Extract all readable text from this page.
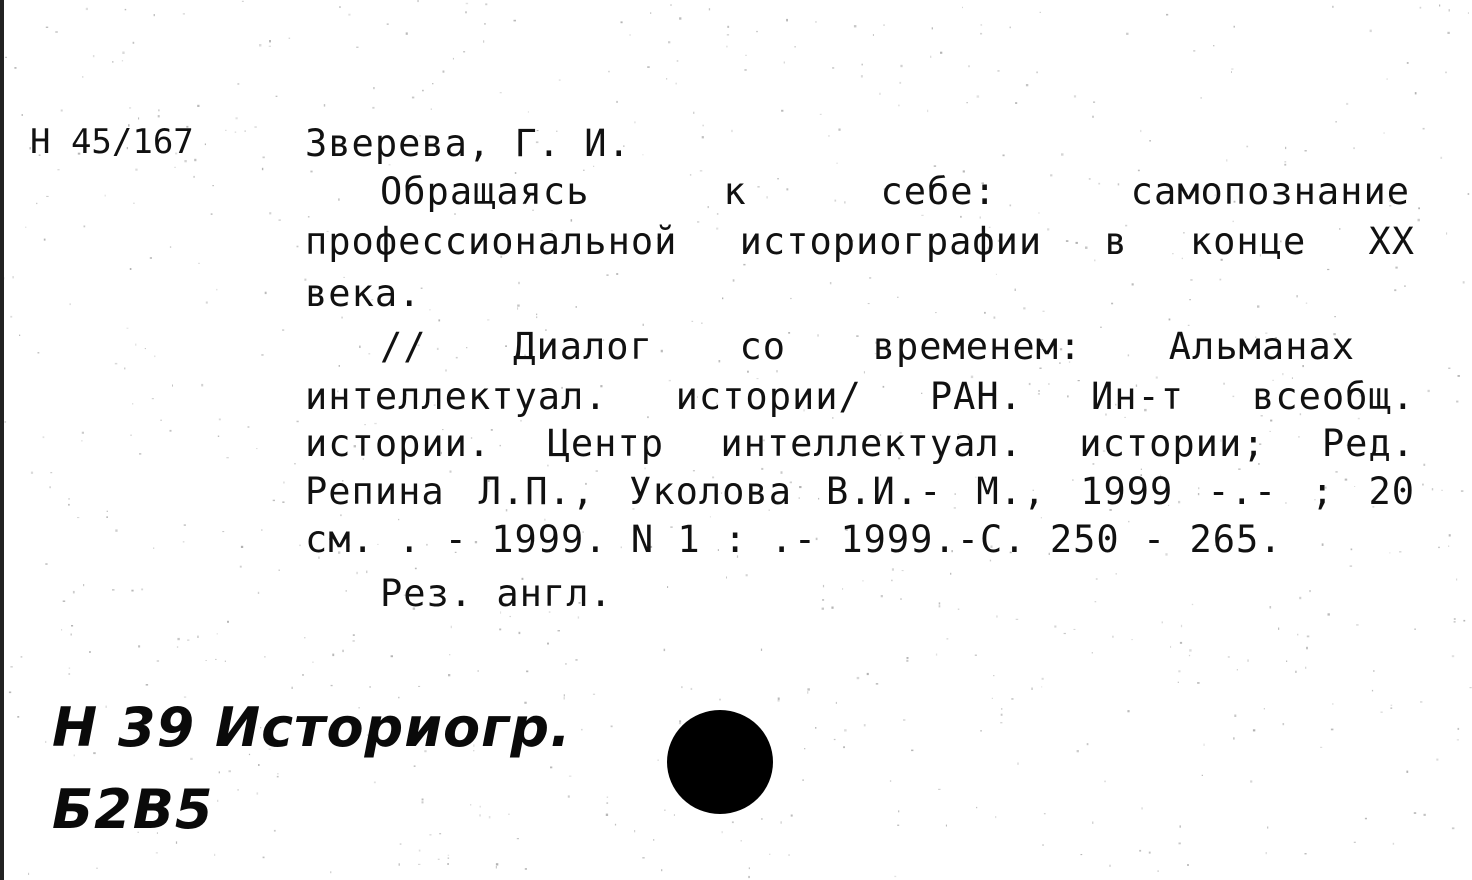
Н 45/167	Зверева, Г. И.
Обращаясь к себе: самопознание
профессиональной историографии в конце XX
века.
// Диалог со временем: Альманах
интеллектуал. истории/ РАН. Ин-т всеобщ.
истории. Центр интеллектуал. истории; Ред.
Репина Л.П., Уколова В.И.- М., 1999 -.- ; 20
см. . - 1999. N 1 : .- 1999.-С. 250 - 265.
Рез. англ.
Н 39 Историогр.
Б2В5
